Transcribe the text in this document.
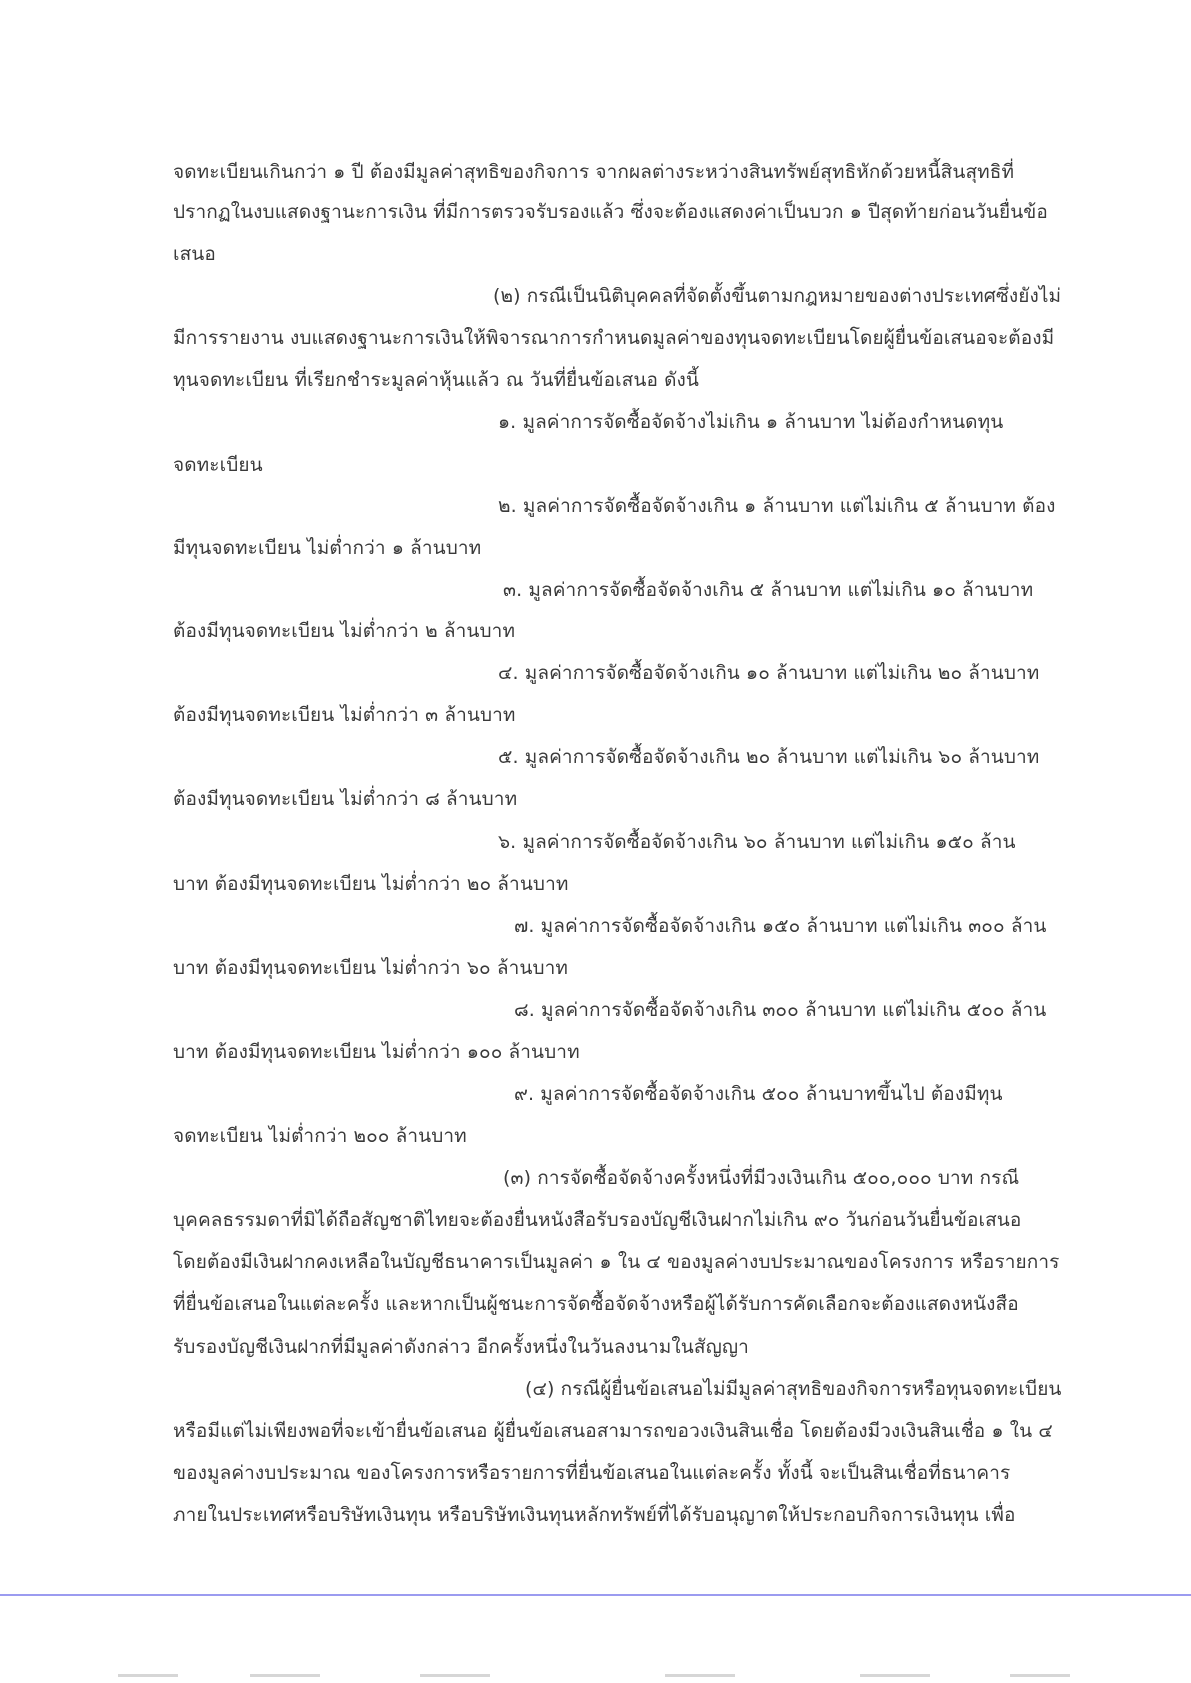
จดทะเบียนเกินกว่า ๑ ปี ต้องมีมูลค่าสุทธิของกิจการ จากผลต่างระหว่างสินทรัพย์สุทธิหักด้วยหนี้สินสุทธิที่
ปรากฏในงบแสดงฐานะการเงิน ที่มีการตรวจรับรองแล้ว ซึ่งจะต้องแสดงค่าเป็นบวก ๑ ปีสุดท้ายก่อนวันยื่นข้อ
เสนอ
(๒) กรณีเป็นนิติบุคคลที่จัดตั้งขึ้นตามกฎหมายของต่างประเทศซึ่งยังไม่
มีการรายงาน งบแสดงฐานะการเงินให้พิจารณาการกำหนดมูลค่าของทุนจดทะเบียนโดยผู้ยื่นข้อเสนอจะต้องมี
ทุนจดทะเบียน ที่เรียกชำระมูลค่าหุ้นแล้ว ณ วันที่ยื่นข้อเสนอ ดังนี้
๑. มูลค่าการจัดซื้อจัดจ้างไม่เกิน ๑ ล้านบาท ไม่ต้องกำหนดทุน
จดทะเบียน
๒. มูลค่าการจัดซื้อจัดจ้างเกิน ๑ ล้านบาท แต่ไม่เกิน ๕ ล้านบาท ต้อง
มีทุนจดทะเบียน ไม่ต่ำกว่า ๑ ล้านบาท
๓. มูลค่าการจัดซื้อจัดจ้างเกิน ๕ ล้านบาท แต่ไม่เกิน ๑๐ ล้านบาท
ต้องมีทุนจดทะเบียน ไม่ต่ำกว่า ๒ ล้านบาท
๔. มูลค่าการจัดซื้อจัดจ้างเกิน ๑๐ ล้านบาท แต่ไม่เกิน ๒๐ ล้านบาท
ต้องมีทุนจดทะเบียน ไม่ต่ำกว่า ๓ ล้านบาท
๕. มูลค่าการจัดซื้อจัดจ้างเกิน ๒๐ ล้านบาท แต่ไม่เกิน ๖๐ ล้านบาท
ต้องมีทุนจดทะเบียน ไม่ต่ำกว่า ๘ ล้านบาท
๖. มูลค่าการจัดซื้อจัดจ้างเกิน ๖๐ ล้านบาท แต่ไม่เกิน ๑๕๐ ล้าน
บาท ต้องมีทุนจดทะเบียน ไม่ต่ำกว่า ๒๐ ล้านบาท
๗. มูลค่าการจัดซื้อจัดจ้างเกิน ๑๕๐ ล้านบาท แต่ไม่เกิน ๓๐๐ ล้าน
บาท ต้องมีทุนจดทะเบียน ไม่ต่ำกว่า ๖๐ ล้านบาท
๘. มูลค่าการจัดซื้อจัดจ้างเกิน ๓๐๐ ล้านบาท แต่ไม่เกิน ๕๐๐ ล้าน
บาท ต้องมีทุนจดทะเบียน ไม่ต่ำกว่า ๑๐๐ ล้านบาท
๙. มูลค่าการจัดซื้อจัดจ้างเกิน ๕๐๐ ล้านบาทขึ้นไป ต้องมีทุน
จดทะเบียน ไม่ต่ำกว่า ๒๐๐ ล้านบาท
(๓) การจัดซื้อจัดจ้างครั้งหนึ่งที่มีวงเงินเกิน ๕๐๐,๐๐๐ บาท กรณี
บุคคลธรรมดาที่มิได้ถือสัญชาติไทยจะต้องยื่นหนังสือรับรองบัญชีเงินฝากไม่เกิน ๙๐ วันก่อนวันยื่นข้อเสนอ
โดยต้องมีเงินฝากคงเหลือในบัญชีธนาคารเป็นมูลค่า ๑ ใน ๔ ของมูลค่างบประมาณของโครงการ หรือรายการ
ที่ยื่นข้อเสนอในแต่ละครั้ง และหากเป็นผู้ชนะการจัดซื้อจัดจ้างหรือผู้ได้รับการคัดเลือกจะต้องแสดงหนังสือ
รับรองบัญชีเงินฝากที่มีมูลค่าดังกล่าว อีกครั้งหนึ่งในวันลงนามในสัญญา
(๔) กรณีผู้ยื่นข้อเสนอไม่มีมูลค่าสุทธิของกิจการหรือทุนจดทะเบียน
หรือมีแต่ไม่เพียงพอที่จะเข้ายื่นข้อเสนอ ผู้ยื่นข้อเสนอสามารถขอวงเงินสินเชื่อ โดยต้องมีวงเงินสินเชื่อ ๑ ใน ๔
ของมูลค่างบประมาณ ของโครงการหรือรายการที่ยื่นข้อเสนอในแต่ละครั้ง ทั้งนี้ จะเป็นสินเชื่อที่ธนาคาร
ภายในประเทศหรือบริษัทเงินทุน หรือบริษัทเงินทุนหลักทรัพย์ที่ได้รับอนุญาตให้ประกอบกิจการเงินทุน เพื่อ
